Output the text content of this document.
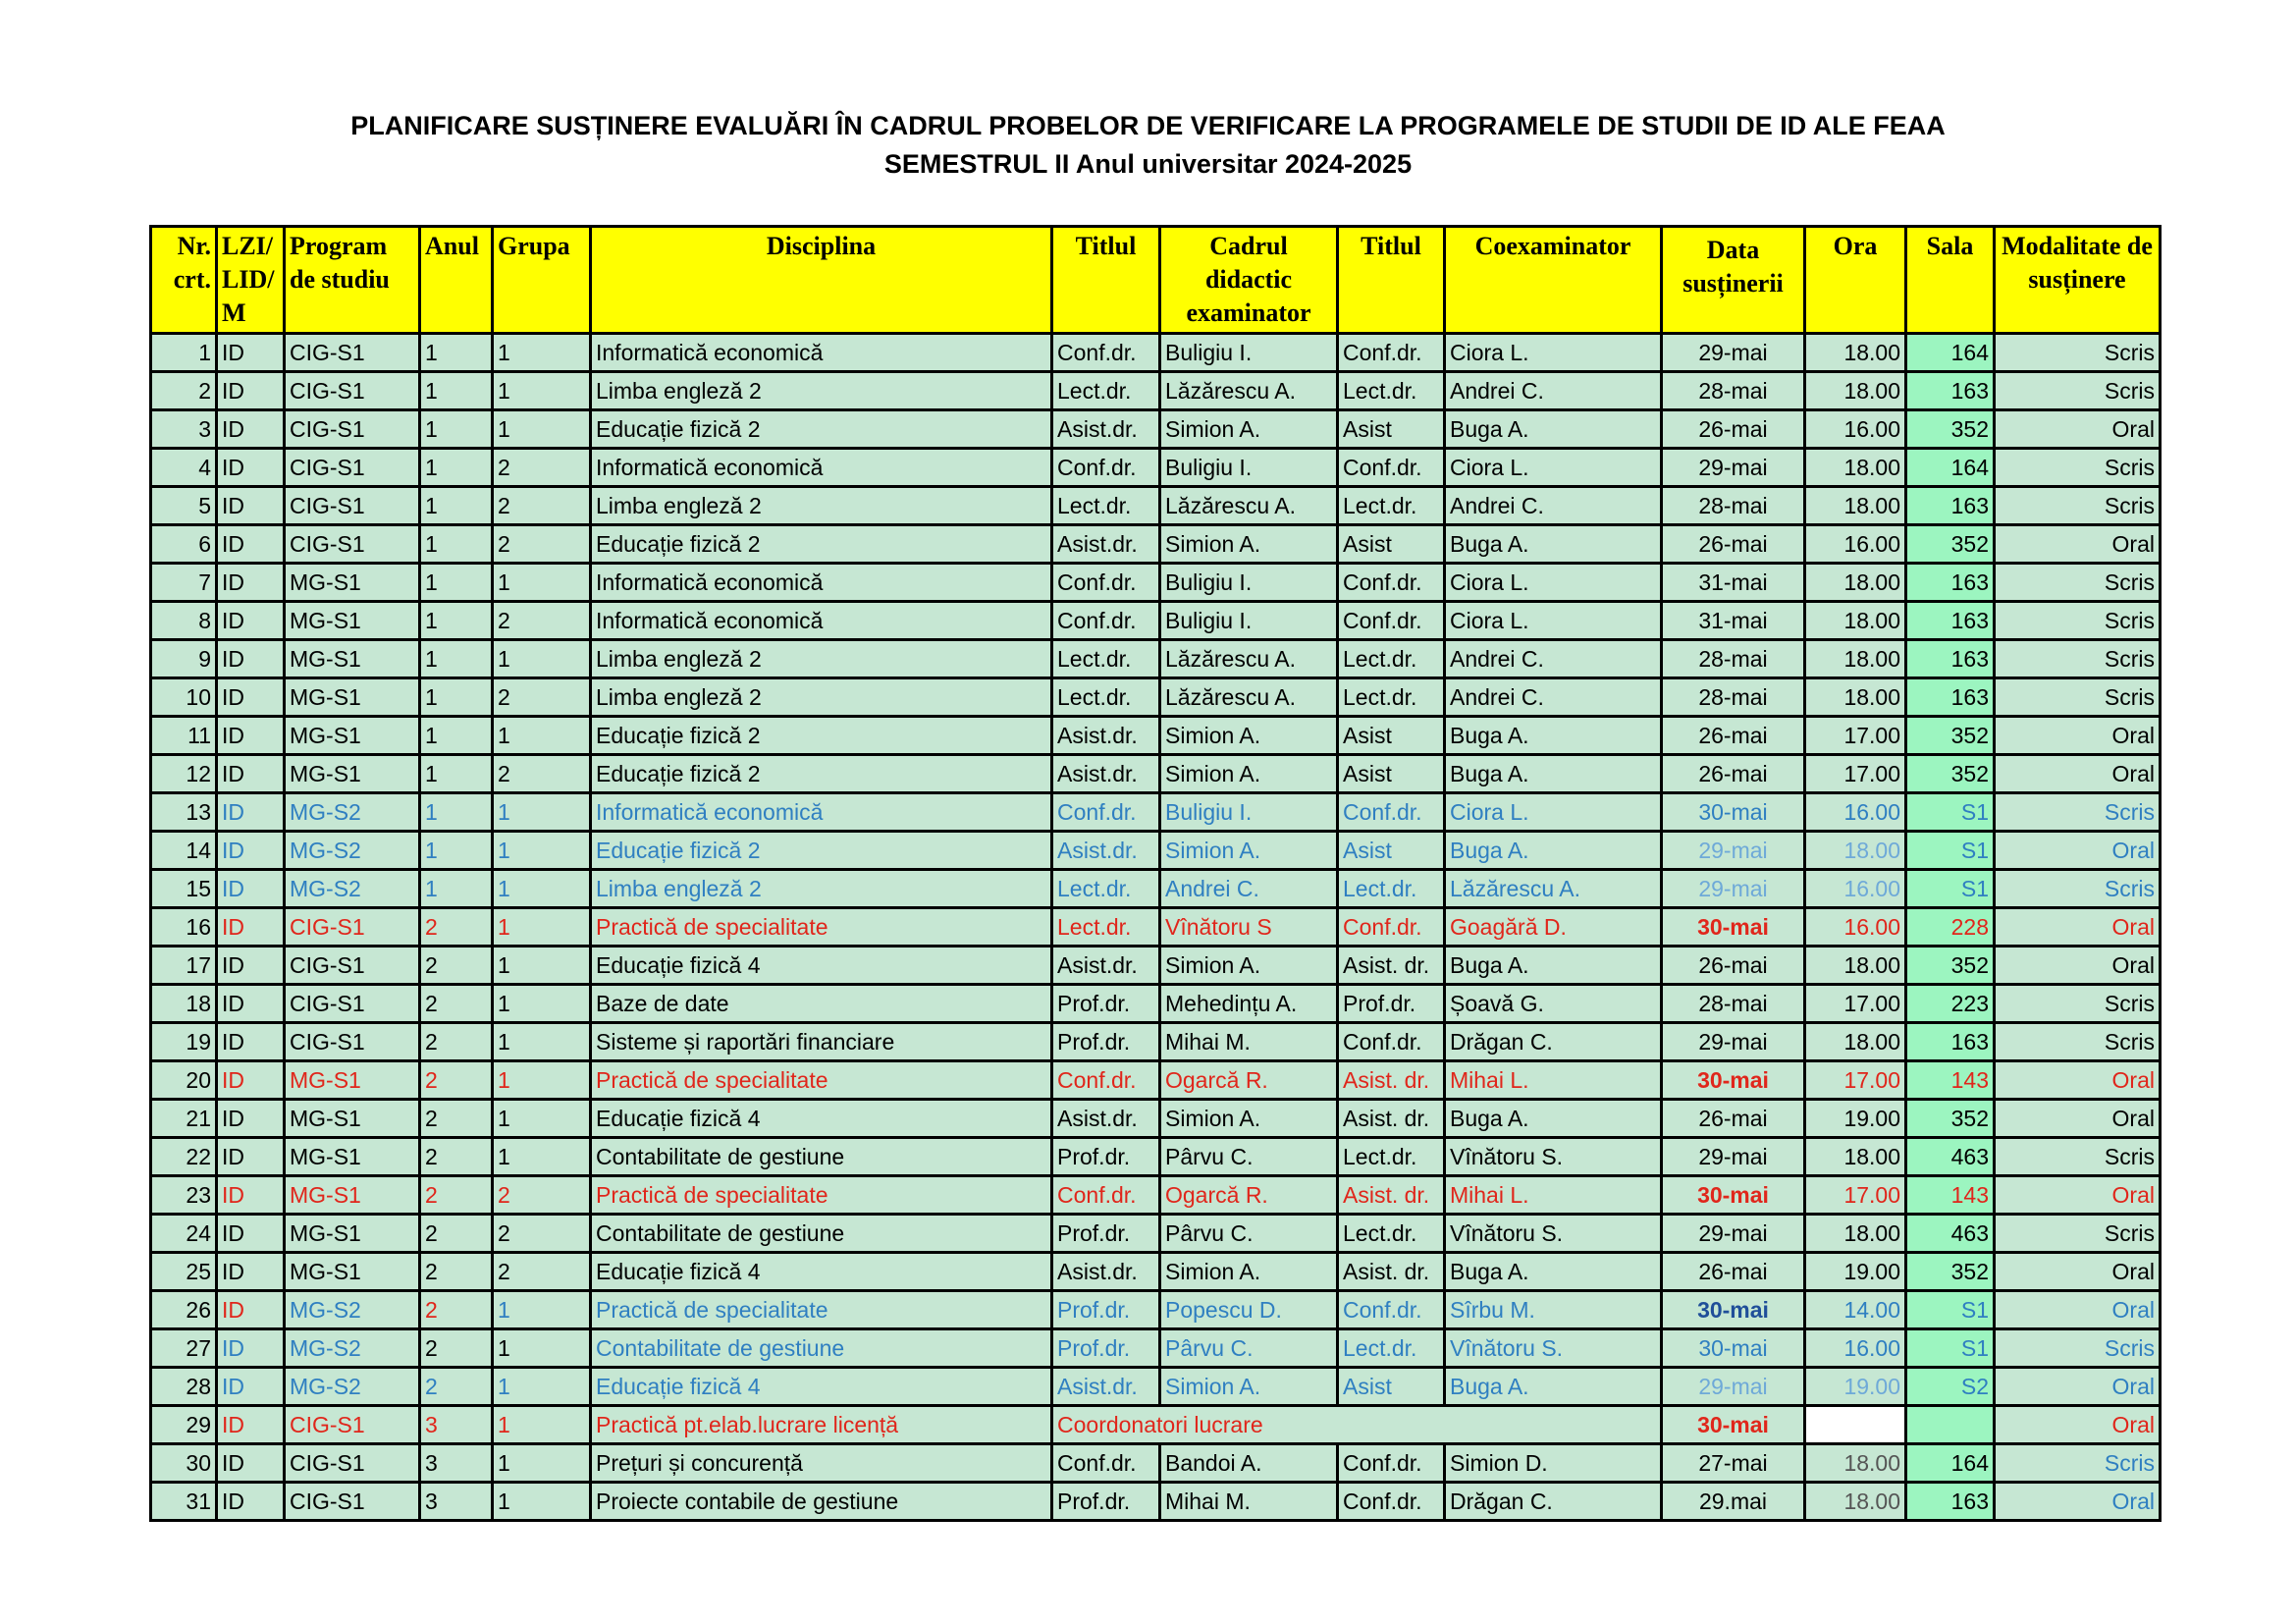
PLANIFICARE SUSȚINERE EVALUĂRI ÎN CADRUL PROBELOR DE VERIFICARE LA PROGRAMELE DE STUDII DE ID ALE FEAA
SEMESTRUL II Anul universitar 2024-2025
Nr. crt.	LZI/ LID/ M	Program de studiu	Anul	Grupa	Disciplina	Titlul	Cadrul didactic examinator	Titlul	Coexaminator	Data susținerii	Ora	Sala	Modalitate de susținere
1	ID	CIG-S1	1	1	Informatică economică	Conf.dr.	Buligiu I.	Conf.dr.	Ciora L.	29-mai	18.00	164	Scris
2	ID	CIG-S1	1	1	Limba engleză 2	Lect.dr.	Lăzărescu A.	Lect.dr.	Andrei C.	28-mai	18.00	163	Scris
3	ID	CIG-S1	1	1	Educație fizică 2	Asist.dr.	Simion A.	Asist	Buga A.	26-mai	16.00	352	Oral
4	ID	CIG-S1	1	2	Informatică economică	Conf.dr.	Buligiu I.	Conf.dr.	Ciora L.	29-mai	18.00	164	Scris
5	ID	CIG-S1	1	2	Limba engleză 2	Lect.dr.	Lăzărescu A.	Lect.dr.	Andrei C.	28-mai	18.00	163	Scris
6	ID	CIG-S1	1	2	Educație fizică 2	Asist.dr.	Simion A.	Asist	Buga A.	26-mai	16.00	352	Oral
7	ID	MG-S1	1	1	Informatică economică	Conf.dr.	Buligiu I.	Conf.dr.	Ciora L.	31-mai	18.00	163	Scris
8	ID	MG-S1	1	2	Informatică economică	Conf.dr.	Buligiu I.	Conf.dr.	Ciora L.	31-mai	18.00	163	Scris
9	ID	MG-S1	1	1	Limba engleză 2	Lect.dr.	Lăzărescu A.	Lect.dr.	Andrei C.	28-mai	18.00	163	Scris
10	ID	MG-S1	1	2	Limba engleză 2	Lect.dr.	Lăzărescu A.	Lect.dr.	Andrei C.	28-mai	18.00	163	Scris
11	ID	MG-S1	1	1	Educație fizică 2	Asist.dr.	Simion A.	Asist	Buga A.	26-mai	17.00	352	Oral
12	ID	MG-S1	1	2	Educație fizică 2	Asist.dr.	Simion A.	Asist	Buga A.	26-mai	17.00	352	Oral
13	ID	MG-S2	1	1	Informatică economică	Conf.dr.	Buligiu I.	Conf.dr.	Ciora L.	30-mai	16.00	S1	Scris
14	ID	MG-S2	1	1	Educație fizică 2	Asist.dr.	Simion A.	Asist	Buga A.	29-mai	18.00	S1	Oral
15	ID	MG-S2	1	1	Limba engleză 2	Lect.dr.	Andrei C.	Lect.dr.	Lăzărescu A.	29-mai	16.00	S1	Scris
16	ID	CIG-S1	2	1	Practică de specialitate	Lect.dr.	Vînătoru S	Conf.dr.	Goagără D.	30-mai	16.00	228	Oral
17	ID	CIG-S1	2	1	Educație fizică 4	Asist.dr.	Simion A.	Asist. dr.	Buga A.	26-mai	18.00	352	Oral
18	ID	CIG-S1	2	1	Baze de date	Prof.dr.	Mehedințu A.	Prof.dr.	Șoavă G.	28-mai	17.00	223	Scris
19	ID	CIG-S1	2	1	Sisteme și raportări financiare	Prof.dr.	Mihai M.	Conf.dr.	Drăgan C.	29-mai	18.00	163	Scris
20	ID	MG-S1	2	1	Practică de specialitate	Conf.dr.	Ogarcă R.	Asist. dr.	Mihai L.	30-mai	17.00	143	Oral
21	ID	MG-S1	2	1	Educație fizică 4	Asist.dr.	Simion A.	Asist. dr.	Buga A.	26-mai	19.00	352	Oral
22	ID	MG-S1	2	1	Contabilitate de gestiune	Prof.dr.	Pârvu C.	Lect.dr.	Vînătoru S.	29-mai	18.00	463	Scris
23	ID	MG-S1	2	2	Practică de specialitate	Conf.dr.	Ogarcă R.	Asist. dr.	Mihai L.	30-mai	17.00	143	Oral
24	ID	MG-S1	2	2	Contabilitate de gestiune	Prof.dr.	Pârvu C.	Lect.dr.	Vînătoru S.	29-mai	18.00	463	Scris
25	ID	MG-S1	2	2	Educație fizică 4	Asist.dr.	Simion A.	Asist. dr.	Buga A.	26-mai	19.00	352	Oral
26	ID	MG-S2	2	1	Practică de specialitate	Prof.dr.	Popescu D.	Conf.dr.	Sîrbu M.	30-mai	14.00	S1	Oral
27	ID	MG-S2	2	1	Contabilitate de gestiune	Prof.dr.	Pârvu C.	Lect.dr.	Vînătoru S.	30-mai	16.00	S1	Scris
28	ID	MG-S2	2	1	Educație fizică 4	Asist.dr.	Simion A.	Asist	Buga A.	29-mai	19.00	S2	Oral
29	ID	CIG-S1	3	1	Practică pt.elab.lucrare licență	Coordonatori lucrare				30-mai			Oral
30	ID	CIG-S1	3	1	Prețuri și concurență	Conf.dr.	Bandoi A.	Conf.dr.	Simion D.	27-mai	18.00	164	Scris
31	ID	CIG-S1	3	1	Proiecte contabile de gestiune	Prof.dr.	Mihai M.	Conf.dr.	Drăgan C.	29.mai	18.00	163	Oral
